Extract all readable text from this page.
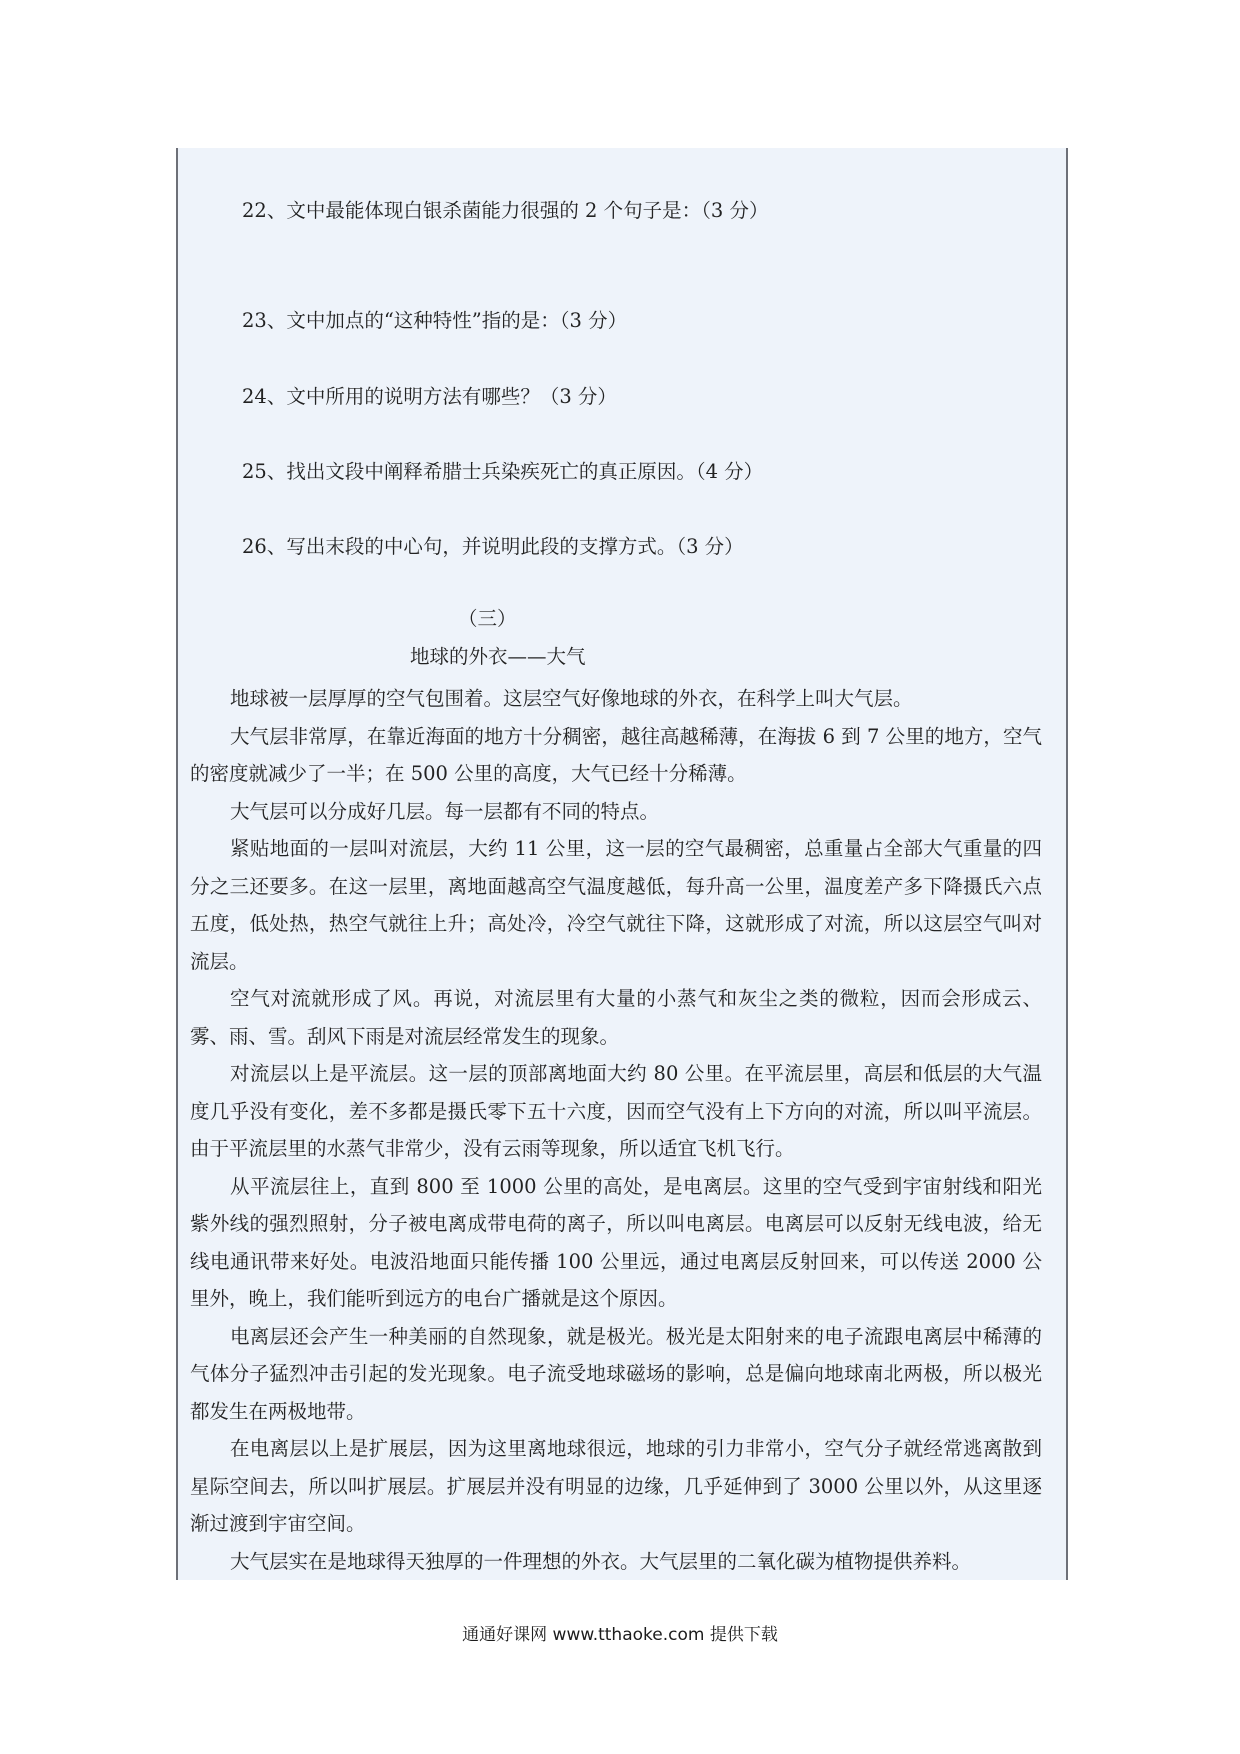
22、文中最能体现白银杀菌能力很强的 2 个句子是：（3 分）
23、文中加点的“这种特性”指的是：（3 分）
24、文中所用的说明方法有哪些？（3 分）
25、找出文段中阐释希腊士兵染疾死亡的真正原因。（4 分）
26、写出末段的中心句，并说明此段的支撑方式。（3 分）
（三）
地球的外衣——大气

地球被一层厚厚的空气包围着。这层空气好像地球的外衣，在科学上叫大气层。

大气层非常厚，在靠近海面的地方十分稠密，越往高越稀薄，在海拔 6 到 7 公里的地方，空气的密度就减少了一半；在 500 公里的高度，大气已经十分稀薄。

大气层可以分成好几层。每一层都有不同的特点。

紧贴地面的一层叫对流层，大约 11 公里，这一层的空气最稠密，总重量占全部大气重量的四分之三还要多。在这一层里，离地面越高空气温度越低，每升高一公里，温度差产多下降摄氏六点五度，低处热，热空气就往上升；高处冷，冷空气就往下降，这就形成了对流，所以这层空气叫对流层。

空气对流就形成了风。再说，对流层里有大量的小蒸气和灰尘之类的微粒，因而会形成云、雾、雨、雪。刮风下雨是对流层经常发生的现象。

对流层以上是平流层。这一层的顶部离地面大约 80 公里。在平流层里，高层和低层的大气温度几乎没有变化，差不多都是摄氏零下五十六度，因而空气没有上下方向的对流，所以叫平流层。由于平流层里的水蒸气非常少，没有云雨等现象，所以适宜飞机飞行。

从平流层往上，直到 800 至 1000 公里的高处，是电离层。这里的空气受到宇宙射线和阳光紫外线的强烈照射，分子被电离成带电荷的离子，所以叫电离层。电离层可以反射无线电波，给无线电通讯带来好处。电波沿地面只能传播 100 公里远，通过电离层反射回来，可以传送 2000 公里外，晚上，我们能听到远方的电台广播就是这个原因。

电离层还会产生一种美丽的自然现象，就是极光。极光是太阳射来的电子流跟电离层中稀薄的气体分子猛烈冲击引起的发光现象。电子流受地球磁场的影响，总是偏向地球南北两极，所以极光都发生在两极地带。

在电离层以上是扩展层，因为这里离地球很远，地球的引力非常小，空气分子就经常逃离散到星际空间去，所以叫扩展层。扩展层并没有明显的边缘，几乎延伸到了 3000 公里以外，从这里逐渐过渡到宇宙空间。

大气层实在是地球得天独厚的一件理想的外衣。大气层里的二氧化碳为植物提供养料。

通通好课网 www.tthaoke.com 提供下载
